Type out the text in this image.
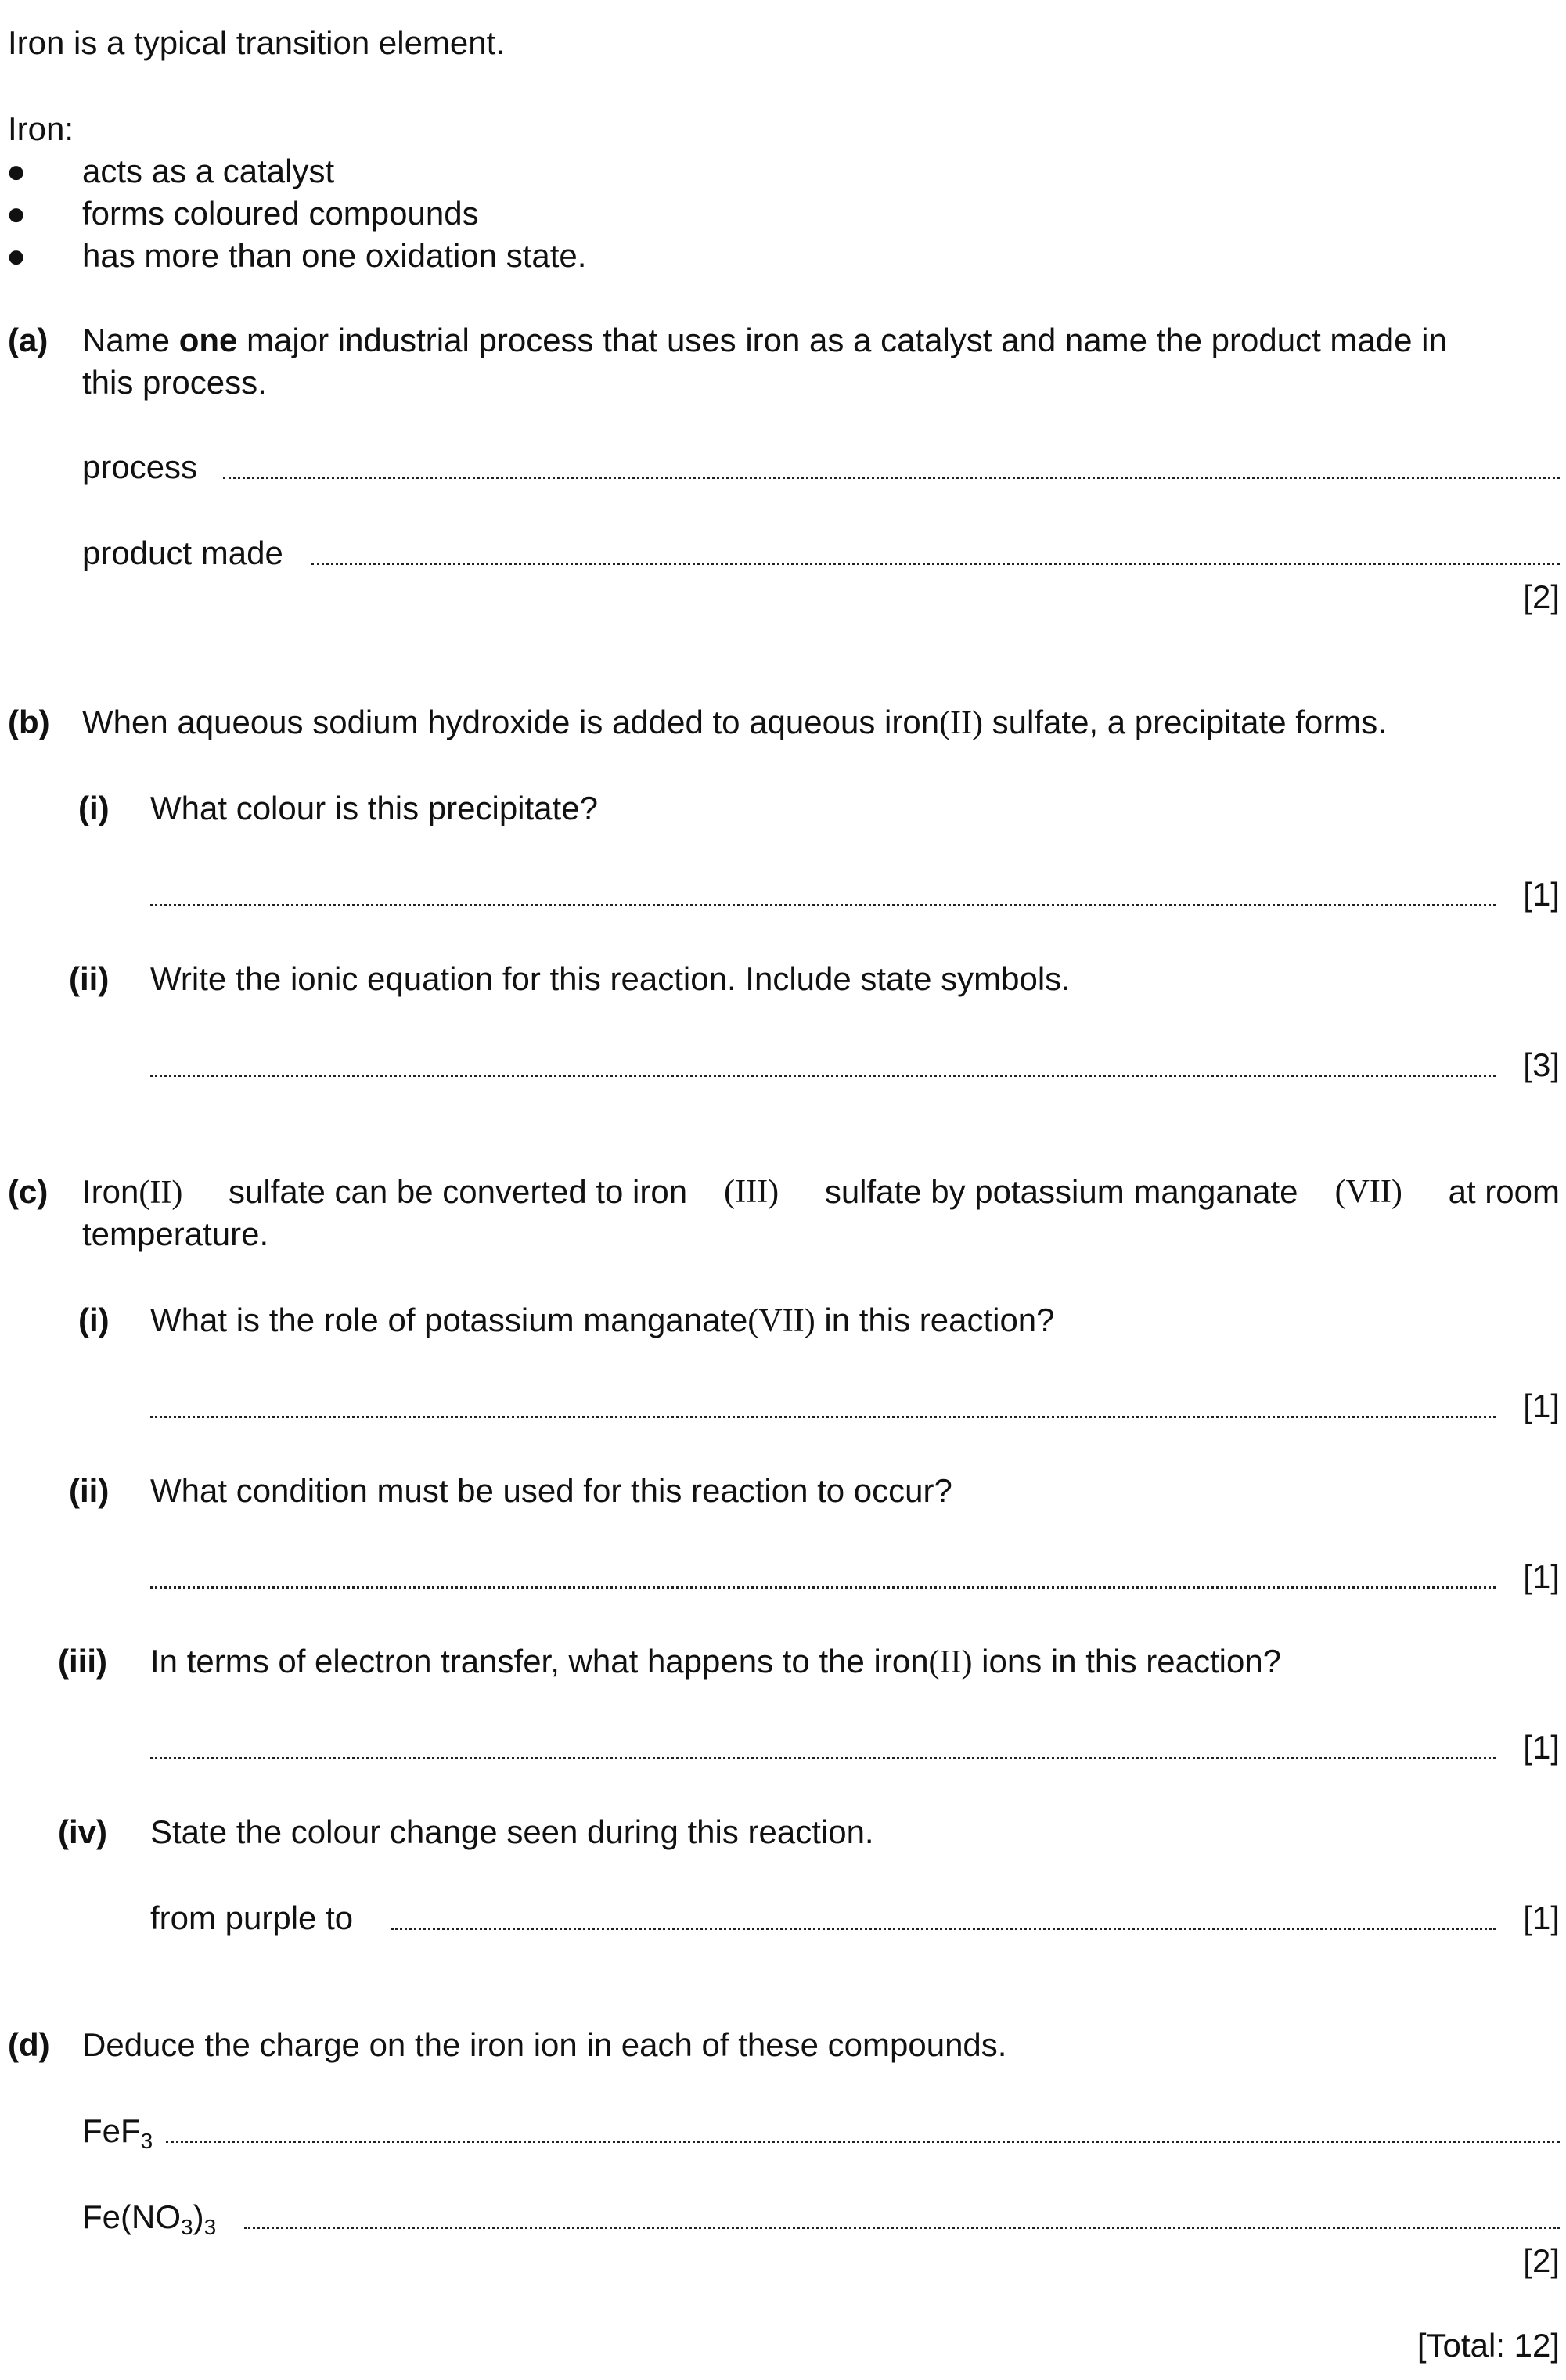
Iron is a typical transition element.
Iron:
● acts as a catalyst
● forms coloured compounds
● has more than one oxidation state.
(a) Name one major industrial process that uses iron as a catalyst and name the product made in
this process.
process
product made
[2]
(b) When aqueous sodium hydroxide is added to aqueous iron(II) sulfate, a precipitate forms.
(i) What colour is this precipitate?
[1]
(ii) Write the ionic equation for this reaction. Include state symbols.
[3]
(c) Iron(II) sulfate can be converted to iron (III) sulfate by potassium manganate (VII) at room
temperature.
(i) What is the role of potassium manganate(VII) in this reaction?
[1]
(ii) What condition must be used for this reaction to occur?
[1]
(iii) In terms of electron transfer, what happens to the iron(II) ions in this reaction?
[1]
(iv) State the colour change seen during this reaction.
from purple to	[1]
(d) Deduce the charge on the iron ion in each of these compounds.
FeF$_3$
$Fe(NO_3)_3$
[2]
[Total: 12]
